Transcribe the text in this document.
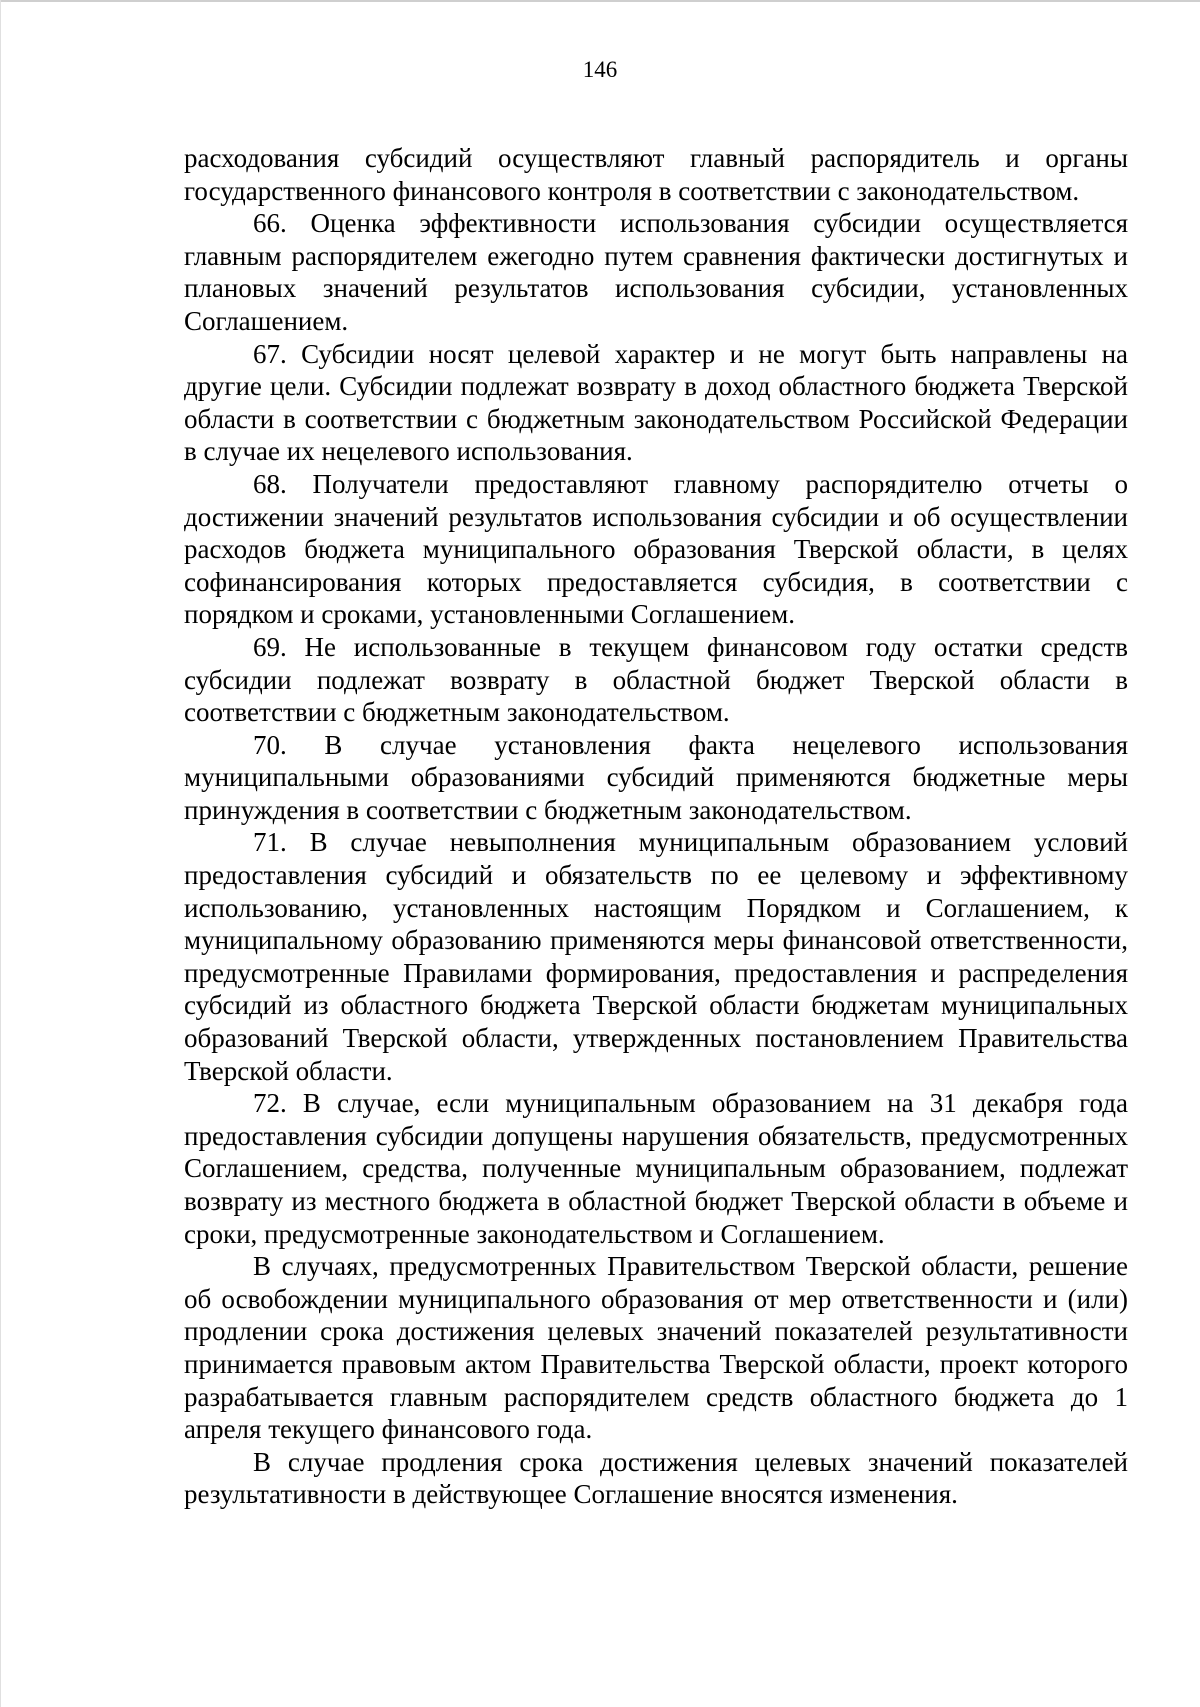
146

расходования субсидий осуществляют главный распорядитель и органы государственного финансового контроля в соответствии с законодательством.

66. Оценка эффективности использования субсидии осуществляется главным распорядителем ежегодно путем сравнения фактически достигнутых и плановых значений результатов использования субсидии, установленных Соглашением.

67. Субсидии носят целевой характер и не могут быть направлены на другие цели. Субсидии подлежат возврату в доход областного бюджета Тверской области в соответствии с бюджетным законодательством Российской Федерации в случае их нецелевого использования.

68. Получатели предоставляют главному распорядителю отчеты о достижении значений результатов использования субсидии и об осуществлении расходов бюджета муниципального образования Тверской области, в целях софинансирования которых предоставляется субсидия, в соответствии с порядком и сроками, установленными Соглашением.

69. Не использованные в текущем финансовом году остатки средств субсидии подлежат возврату в областной бюджет Тверской области в соответствии с бюджетным законодательством.

70. В случае установления факта нецелевого использования муниципальными образованиями субсидий применяются бюджетные меры принуждения в соответствии с бюджетным законодательством.

71. В случае невыполнения муниципальным образованием условий предоставления субсидий и обязательств по ее целевому и эффективному использованию, установленных настоящим Порядком и Соглашением, к муниципальному образованию применяются меры финансовой ответственности, предусмотренные Правилами формирования, предоставления и распределения субсидий из областного бюджета Тверской области бюджетам муниципальных образований Тверской области, утвержденных постановлением Правительства Тверской области.

72. В случае, если муниципальным образованием на 31 декабря года предоставления субсидии допущены нарушения обязательств, предусмотренных Соглашением, средства, полученные муниципальным образованием, подлежат возврату из местного бюджета в областной бюджет Тверской области в объеме и сроки, предусмотренные законодательством и Соглашением.

В случаях, предусмотренных Правительством Тверской области, решение об освобождении муниципального образования от мер ответственности и (или) продлении срока достижения целевых значений показателей результативности принимается правовым актом Правительства Тверской области, проект которого разрабатывается главным распорядителем средств областного бюджета до 1 апреля текущего финансового года.

В случае продления срока достижения целевых значений показателей результативности в действующее Соглашение вносятся изменения.
